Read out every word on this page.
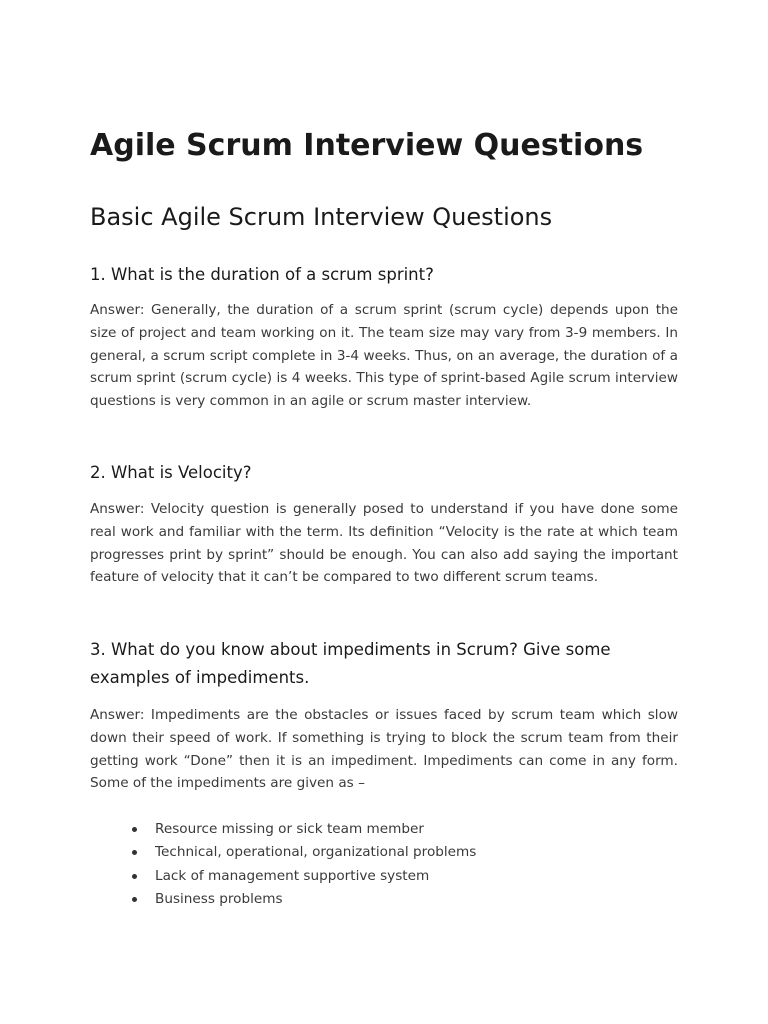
Agile Scrum Interview Questions
Basic Agile Scrum Interview Questions
1. What is the duration of a scrum sprint?

Answer: Generally, the duration of a scrum sprint (scrum cycle) depends upon the size of project and team working on it. The team size may vary from 3-9 members. In general, a scrum script complete in 3-4 weeks. Thus, on an average, the duration of a scrum sprint (scrum cycle) is 4 weeks. This type of sprint-based Agile scrum interview questions is very common in an agile or scrum master interview.

2. What is Velocity?

Answer: Velocity question is generally posed to understand if you have done some real work and familiar with the term. Its definition “Velocity is the rate at which team progresses print by sprint” should be enough. You can also add saying the important feature of velocity that it can’t be compared to two different scrum teams.

3. What do you know about impediments in Scrum? Give some examples of impediments.

Answer: Impediments are the obstacles or issues faced by scrum team which slow down their speed of work. If something is trying to block the scrum team from their getting work “Done” then it is an impediment. Impediments can come in any form. Some of the impediments are given as –

Resource missing or sick team member
Technical, operational, organizational problems
Lack of management supportive system
Business problems
